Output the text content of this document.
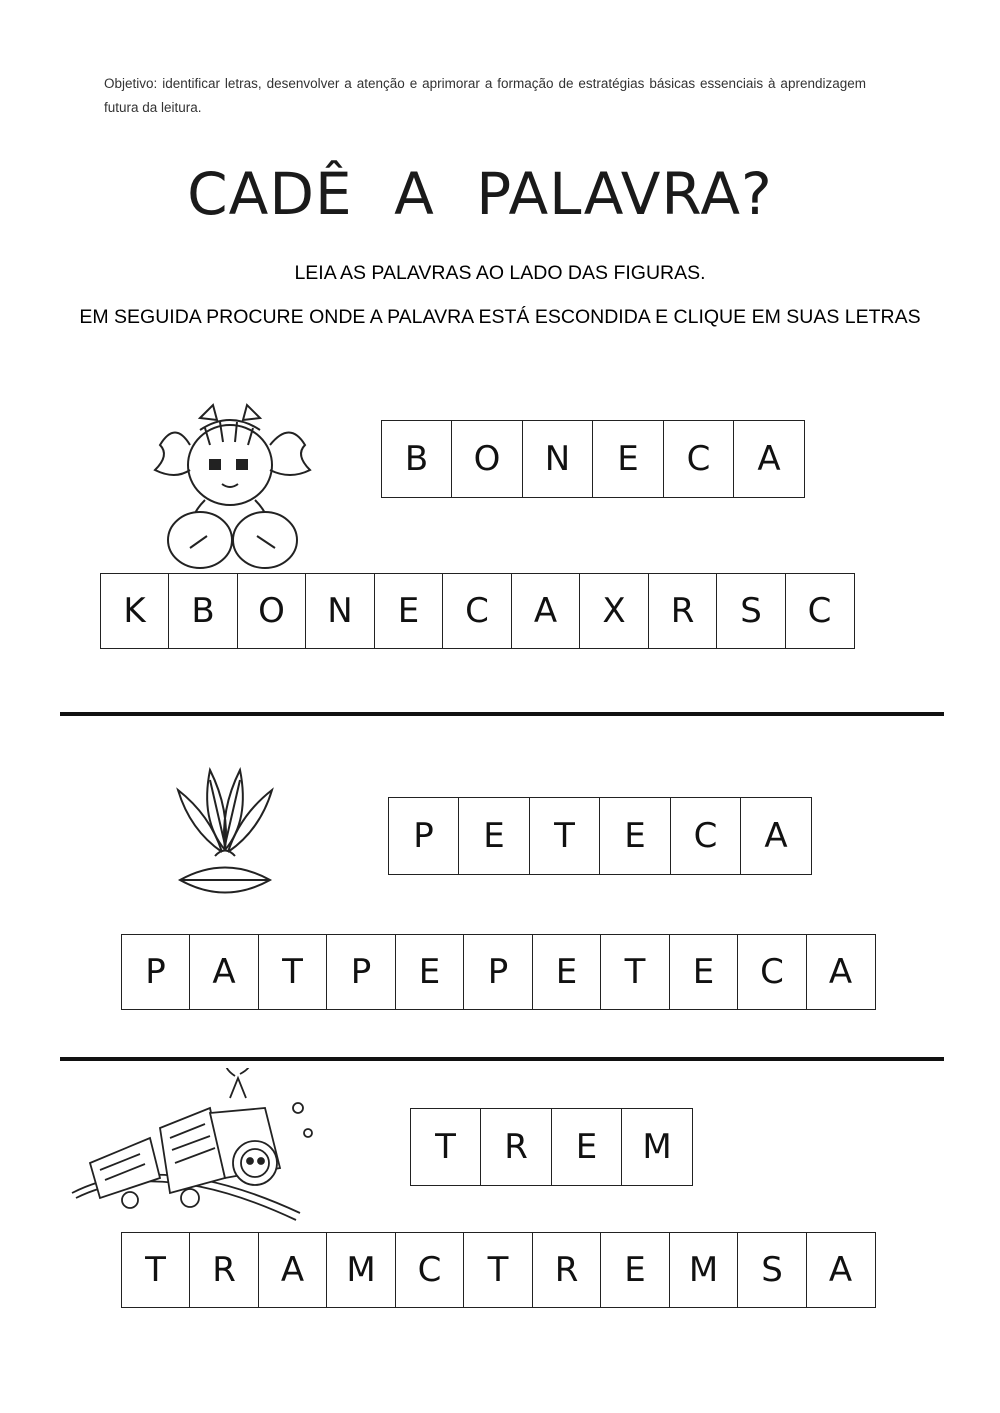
Objetivo: identificar letras, desenvolver a atenção e aprimorar a formação de estratégias básicas essenciais à aprendizagem futura da leitura.
CADÊ A PALAVRA?
LEIA AS PALAVRAS AO LADO DAS FIGURAS.
EM SEGUIDA PROCURE ONDE A PALAVRA ESTÁ ESCONDIDA E CLIQUE EM SUAS LETRAS
B	O	N	E	C	A
K	B	O	N	E	C	A	X	R	S	C
P	E	T	E	C	A
P	A	T	P	E	P	E	T	E	C	A
T	R	E	M
T	R	A	M	C	T	R	E	M	S	A
